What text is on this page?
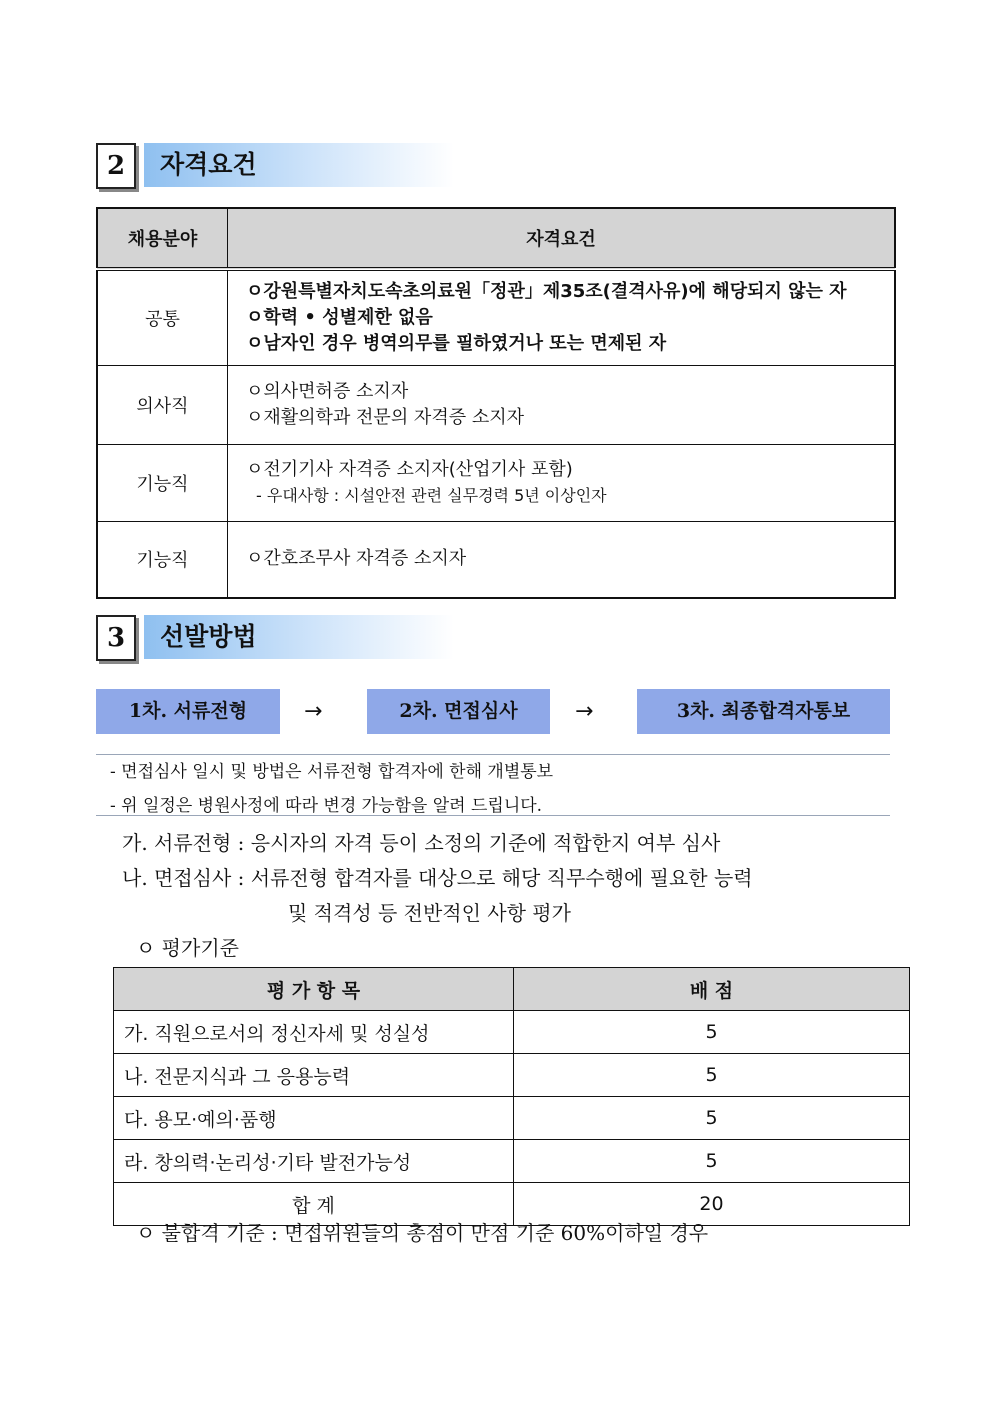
2	자격요건
채용분야	자격요건
공통	ㅇ강원특별자치도속초의료원「정관」제35조(결격사유)에 해당되지 않는 자
ㅇ학력 • 성별제한 없음
ㅇ남자인 경우 병역의무를 필하였거나 또는 면제된 자

의사직	ㅇ의사면허증 소지자
ㅇ재활의학과 전문의 자격증 소지자

기능직	ㅇ전기기사 자격증 소지자(산업기사 포함)
- 우대사항 : 시설안전 관련 실무경력 5년 이상인자

기능직	ㅇ간호조무사 자격증 소지자
3	선발방법
1차. 서류전형	→	2차. 면접심사	→	3차. 최종합격자통보
- 면접심사 일시 및 방법은 서류전형 합격자에 한해 개별통보
- 위 일정은 병원사정에 따라 변경 가능함을 알려 드립니다.
가. 서류전형 : 응시자의 자격 등이 소정의 기준에 적합한지 여부 심사
나. 면접심사 : 서류전형 합격자를 대상으로 해당 직무수행에 필요한 능력
및 적격성 등 전반적인 사항 평가
ㅇ 평가기준
평 가 항 목	배 점
가. 직원으로서의 정신자세 및 성실성	5
나. 전문지식과 그 응용능력	5
다. 용모·예의·품행	5
라. 창의력·논리성·기타 발전가능성	5
합 계	20
ㅇ 불합격 기준 : 면접위원들의 총점이 만점 기준 60%이하일 경우
